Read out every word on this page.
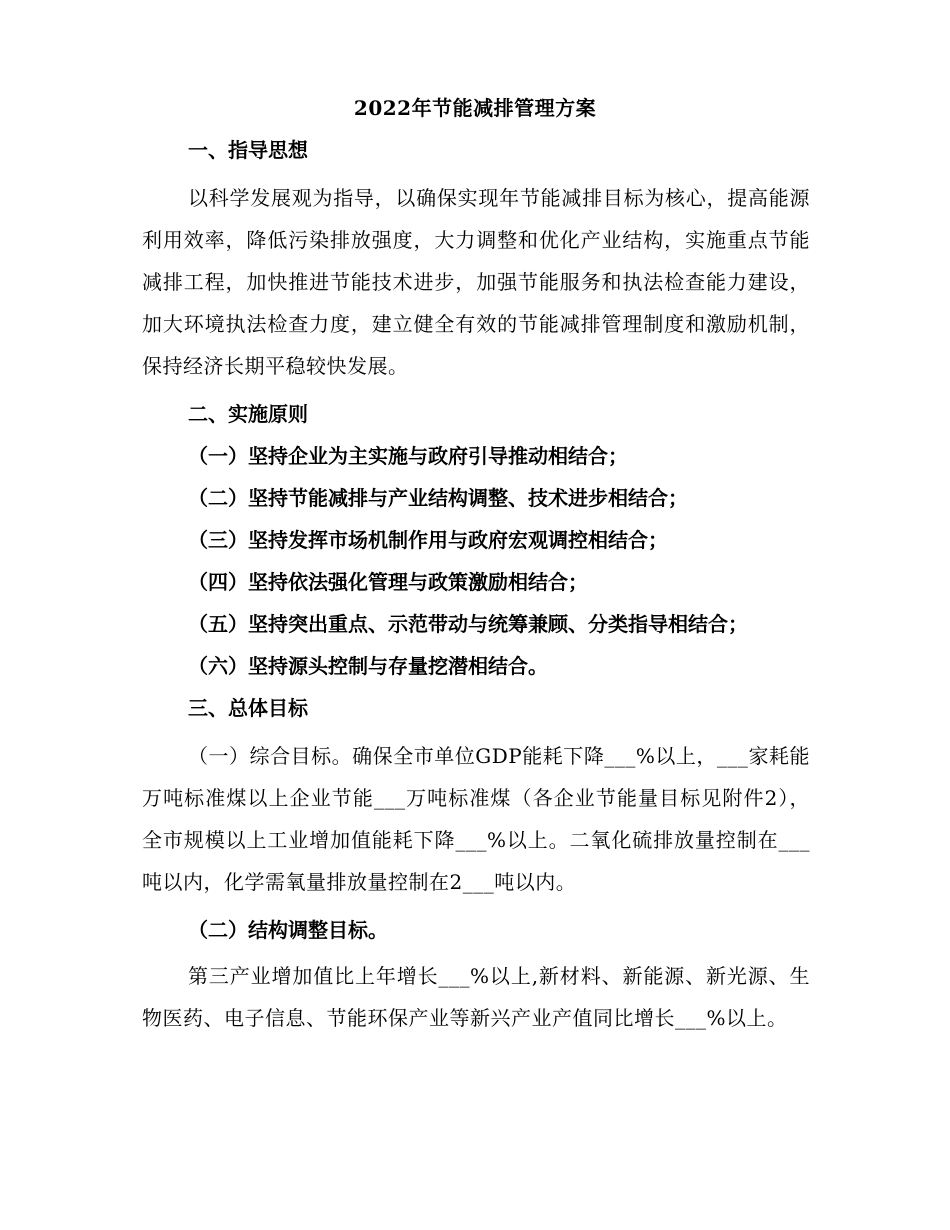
2022年节能减排管理方案

一、指导思想

以科学发展观为指导，以确保实现年节能减排目标为核心，提高能源利用效率，降低污染排放强度，大力调整和优化产业结构，实施重点节能减排工程，加快推进节能技术进步，加强节能服务和执法检查能力建设，加大环境执法检查力度，建立健全有效的节能减排管理制度和激励机制，保持经济长期平稳较快发展。

二、实施原则

（一）坚持企业为主实施与政府引导推动相结合；

（二）坚持节能减排与产业结构调整、技术进步相结合；

（三）坚持发挥市场机制作用与政府宏观调控相结合；

（四）坚持依法强化管理与政策激励相结合；

（五）坚持突出重点、示范带动与统筹兼顾、分类指导相结合；

（六）坚持源头控制与存量挖潜相结合。

三、总体目标

（一）综合目标。确保全市单位GDP能耗下降___%以上，___家耗能万吨标准煤以上企业节能___万吨标准煤（各企业节能量目标见附件2），全市规模以上工业增加值能耗下降___%以上。二氧化硫排放量控制在___吨以内，化学需氧量排放量控制在2___吨以内。

（二）结构调整目标。

第三产业增加值比上年增长___%以上,新材料、新能源、新光源、生物医药、电子信息、节能环保产业等新兴产业产值同比增长___%以上。
